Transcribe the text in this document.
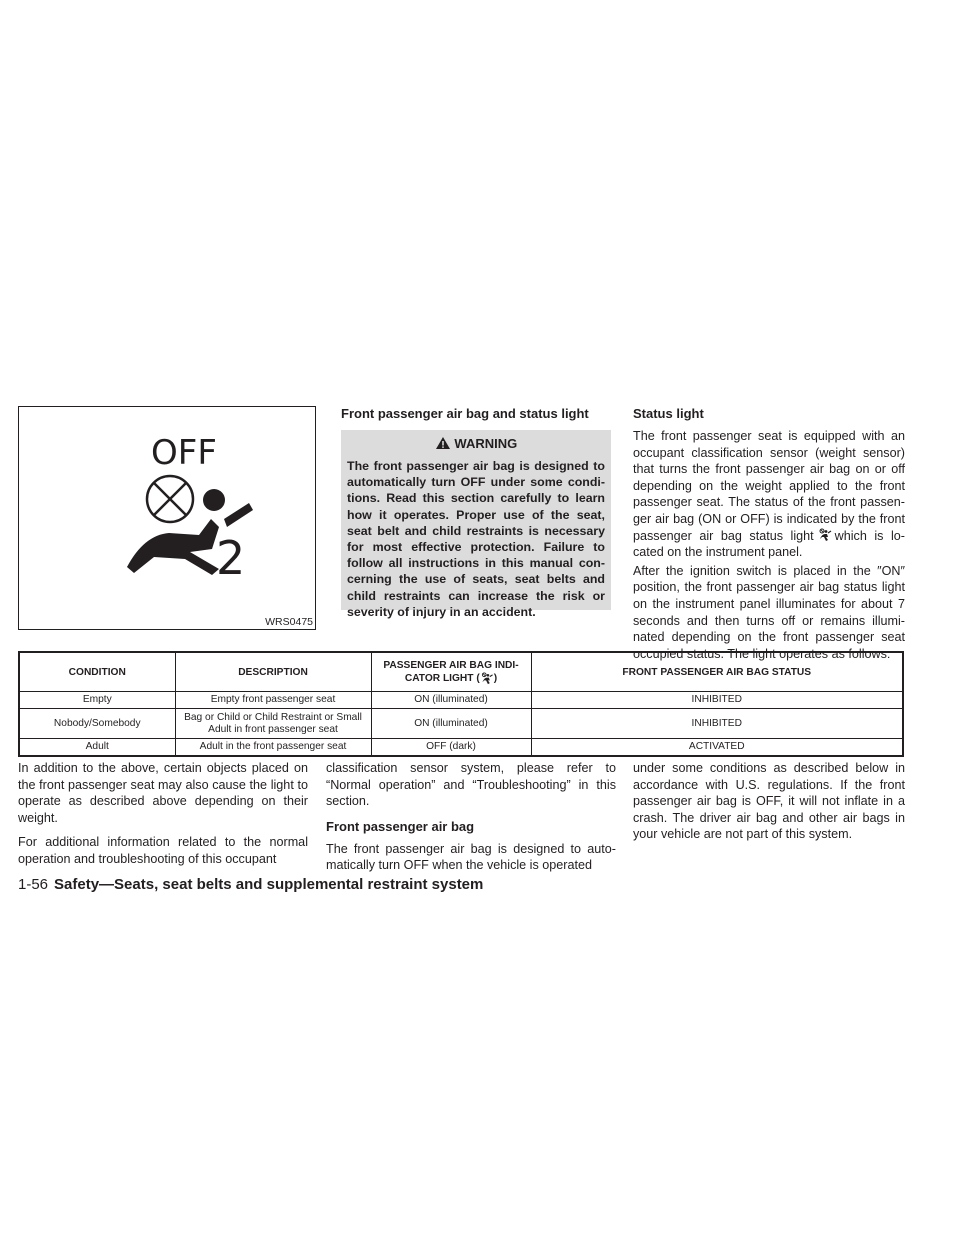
OFF
2
WRS0475
Front passenger air bag and status light
WARNING
The front passenger air bag is designed to automatically turn OFF under some condi-tions. Read this section carefully to learn how it operates. Proper use of the seat, seat belt and child restraints is necessary for most effective protection. Failure to follow all instructions in this manual con-cerning the use of seats, seat belts and child restraints can increase the risk or severity of injury in an accident.
Status light

The front passenger seat is equipped with an occupant classification sensor (weight sensor) that turns the front passenger air bag on or off depending on the weight applied to the front passenger seat. The status of the front passen-ger air bag (ON or OFF) is indicated by the front passenger air bag status light which is lo-cated on the instrument panel.

After the ignition switch is placed in the ″ON″ position, the front passenger air bag status light on the instrument panel illuminates for about 7 seconds and then turns off or remains illumi-nated depending on the front passenger seat occupied status. The light operates as follows:

CONDITION	DESCRIPTION	PASSENGER AIR BAG INDI-
CATOR LIGHT ( )	FRONT PASSENGER AIR BAG STATUS
Empty	Empty front passenger seat	ON (illuminated)	INHIBITED
Nobody/Somebody	Bag or Child or Child Restraint or Small
Adult in front passenger seat	ON (illuminated)	INHIBITED
Adult	Adult in the front passenger seat	OFF (dark)	ACTIVATED

In addition to the above, certain objects placed on the front passenger seat may also cause the light to operate as described above depending on their weight.

For additional information related to the normal operation and troubleshooting of this occupant

classification sensor system, please refer to “Normal operation” and “Troubleshooting” in this section.

Front passenger air bag

The front passenger air bag is designed to auto-matically turn OFF when the vehicle is operated

under some conditions as described below in accordance with U.S. regulations. If the front passenger air bag is OFF, it will not inflate in a crash. The driver air bag and other air bags in your vehicle are not part of this system.

1-56 Safety—Seats, seat belts and supplemental restraint system
